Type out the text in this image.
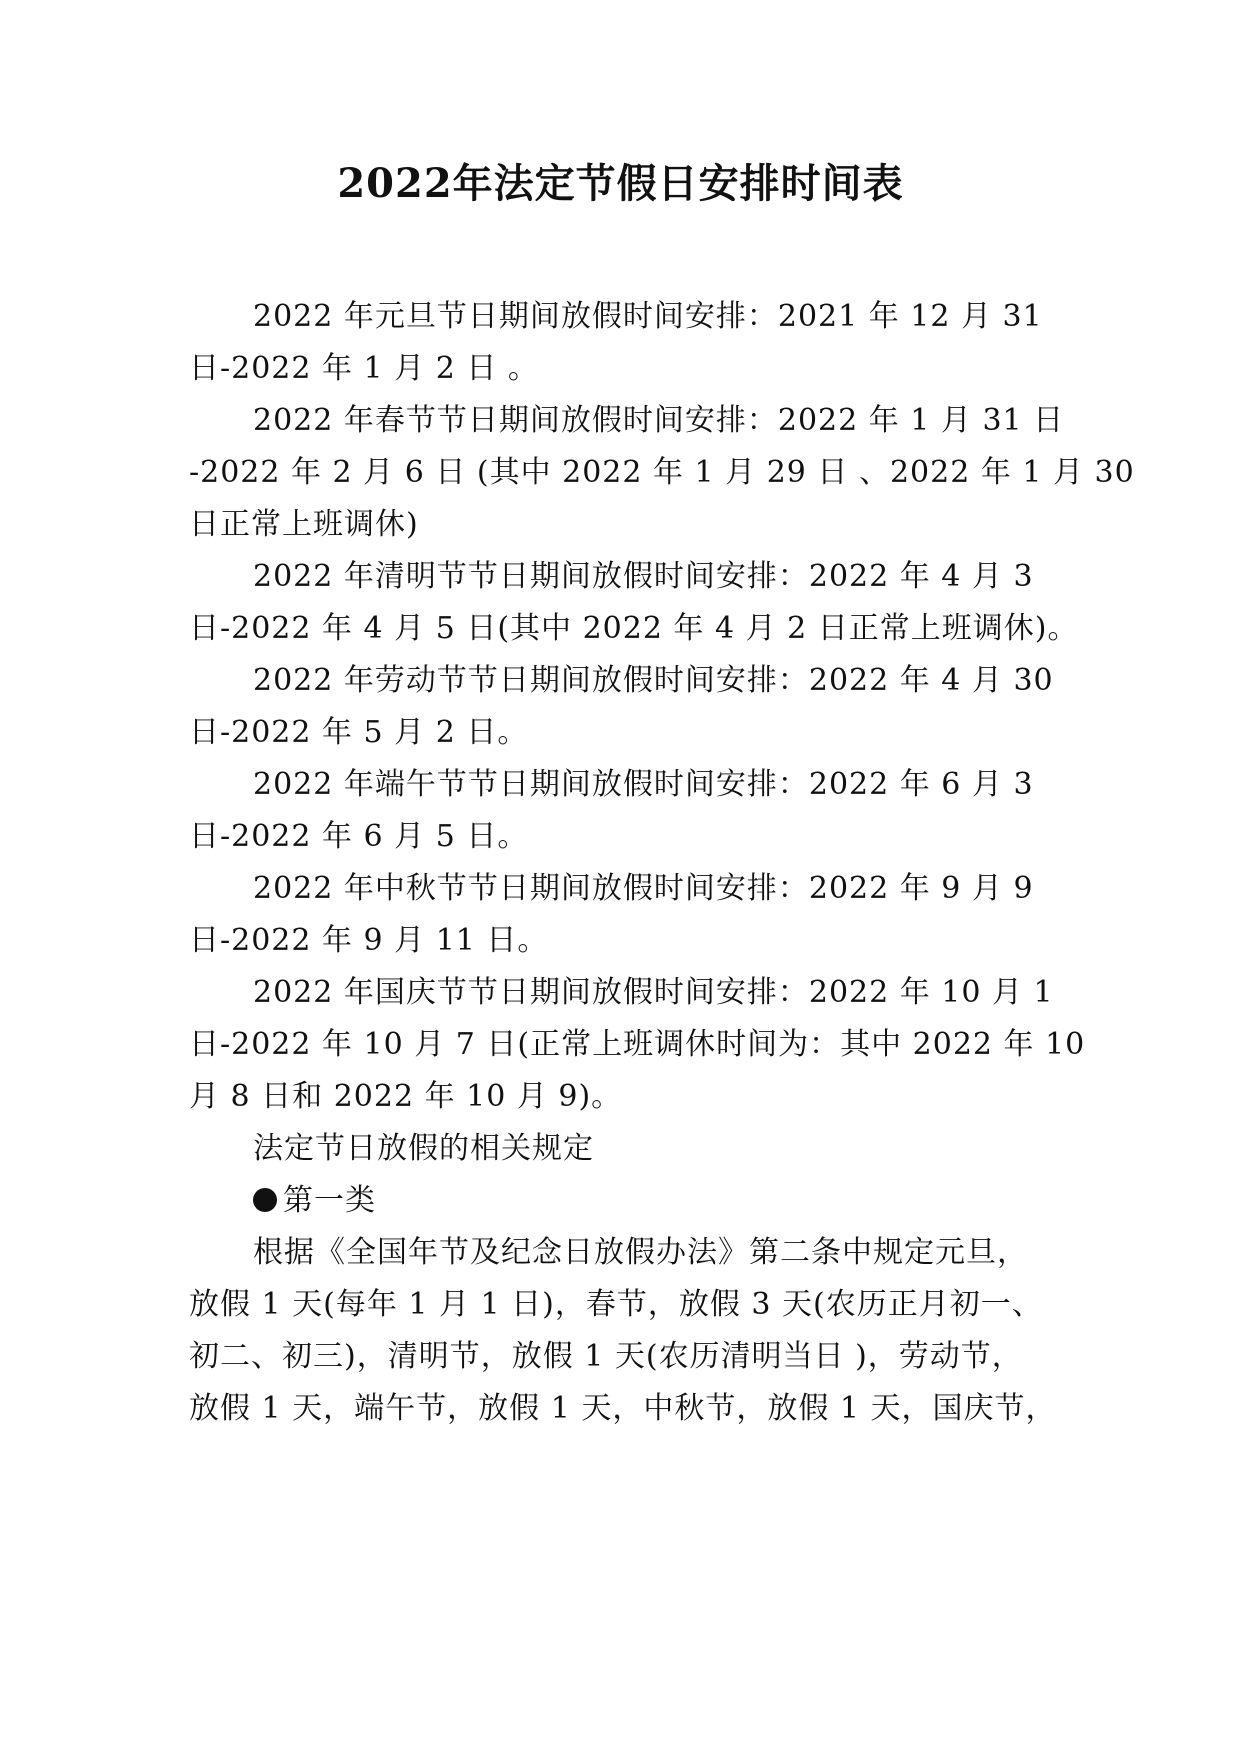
2022年法定节假日安排时间表
2022 年元旦节日期间放假时间安排：2021 年 12 月 31
日-2022 年 1 月 2 日 。
2022 年春节节日期间放假时间安排：2022 年 1 月 31 日
-2022 年 2 月 6 日 (其中 2022 年 1 月 29 日 、2022 年 1 月 30
日正常上班调休)
2022 年清明节节日期间放假时间安排：2022 年 4 月 3
日-2022 年 4 月 5 日(其中 2022 年 4 月 2 日正常上班调休)。
2022 年劳动节节日期间放假时间安排：2022 年 4 月 30
日-2022 年 5 月 2 日。
2022 年端午节节日期间放假时间安排：2022 年 6 月 3
日-2022 年 6 月 5 日。
2022 年中秋节节日期间放假时间安排：2022 年 9 月 9
日-2022 年 9 月 11 日。
2022 年国庆节节日期间放假时间安排：2022 年 10 月 1
日-2022 年 10 月 7 日(正常上班调休时间为：其中 2022 年 10
月 8 日和 2022 年 10 月 9)。
法定节日放假的相关规定
第一类
根据《全国年节及纪念日放假办法》第二条中规定元旦，
放假 1 天(每年 1 月 1 日)，春节，放假 3 天(农历正月初一、
初二、初三)，清明节，放假 1 天(农历清明当日 )，劳动节，
放假 1 天，端午节，放假 1 天，中秋节，放假 1 天，国庆节，
